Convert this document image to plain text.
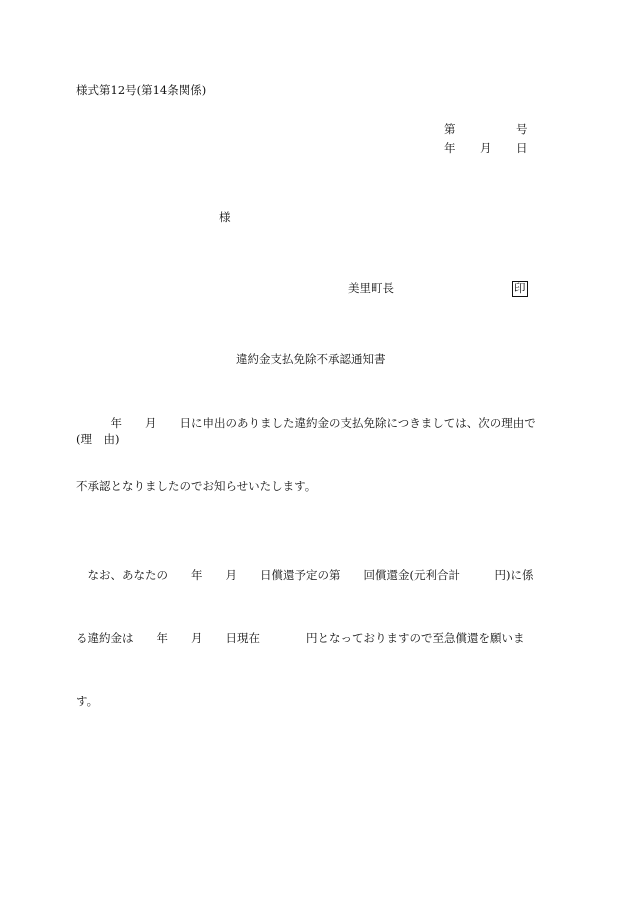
様式第12号(第14条関係)
第	号
年 月 日
様
美里町長	印
違約金支払免除不承認通知書

　　　年　　月　　日に申出のありました違約金の支払免除につきましては、次の理由で

不承認となりましたのでお知らせいたします。

(理　由)

　なお、あなたの　　年　　月　　日償還予定の第　　回償還金(元利合計　　　円)に係

る違約金は　　年　　月　　日現在　　　　円となっておりますので至急償還を願いま

す。
